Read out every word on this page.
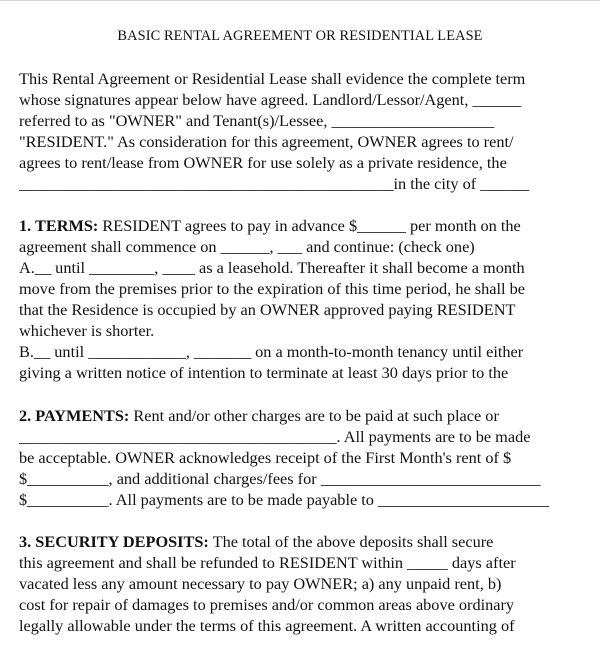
BASIC RENTAL AGREEMENT OR RESIDENTIAL LEASE
This Rental Agreement or Residential Lease shall evidence the complete term
whose signatures appear below have agreed. Landlord/Lessor/Agent, ______
referred to as "OWNER" and Tenant(s)/Lessee, ____________________
"RESIDENT." As consideration for this agreement, OWNER agrees to rent/
agrees to rent/lease from OWNER for use solely as a private residence, the
______________________________________________in the city of ______
1. TERMS: RESIDENT agrees to pay in advance $______ per month on the
agreement shall commence on ______, ___ and continue: (check one)
A.__ until ________, ____ as a leasehold. Thereafter it shall become a month
move from the premises prior to the expiration of this time period, he shall be
that the Residence is occupied by an OWNER approved paying RESIDENT
whichever is shorter.
B.__ until ____________, _______ on a month-to-month tenancy until either
giving a written notice of intention to terminate at least 30 days prior to the
2. PAYMENTS: Rent and/or other charges are to be paid at such place or
_______________________________________. All payments are to be made
be acceptable. OWNER acknowledges receipt of the First Month's rent of $
$__________, and additional charges/fees for ___________________________
$__________. All payments are to be made payable to _____________________
3. SECURITY DEPOSITS: The total of the above deposits shall secure
this agreement and shall be refunded to RESIDENT within _____ days after
vacated less any amount necessary to pay OWNER; a) any unpaid rent, b)
cost for repair of damages to premises and/or common areas above ordinary
legally allowable under the terms of this agreement. A written accounting of
